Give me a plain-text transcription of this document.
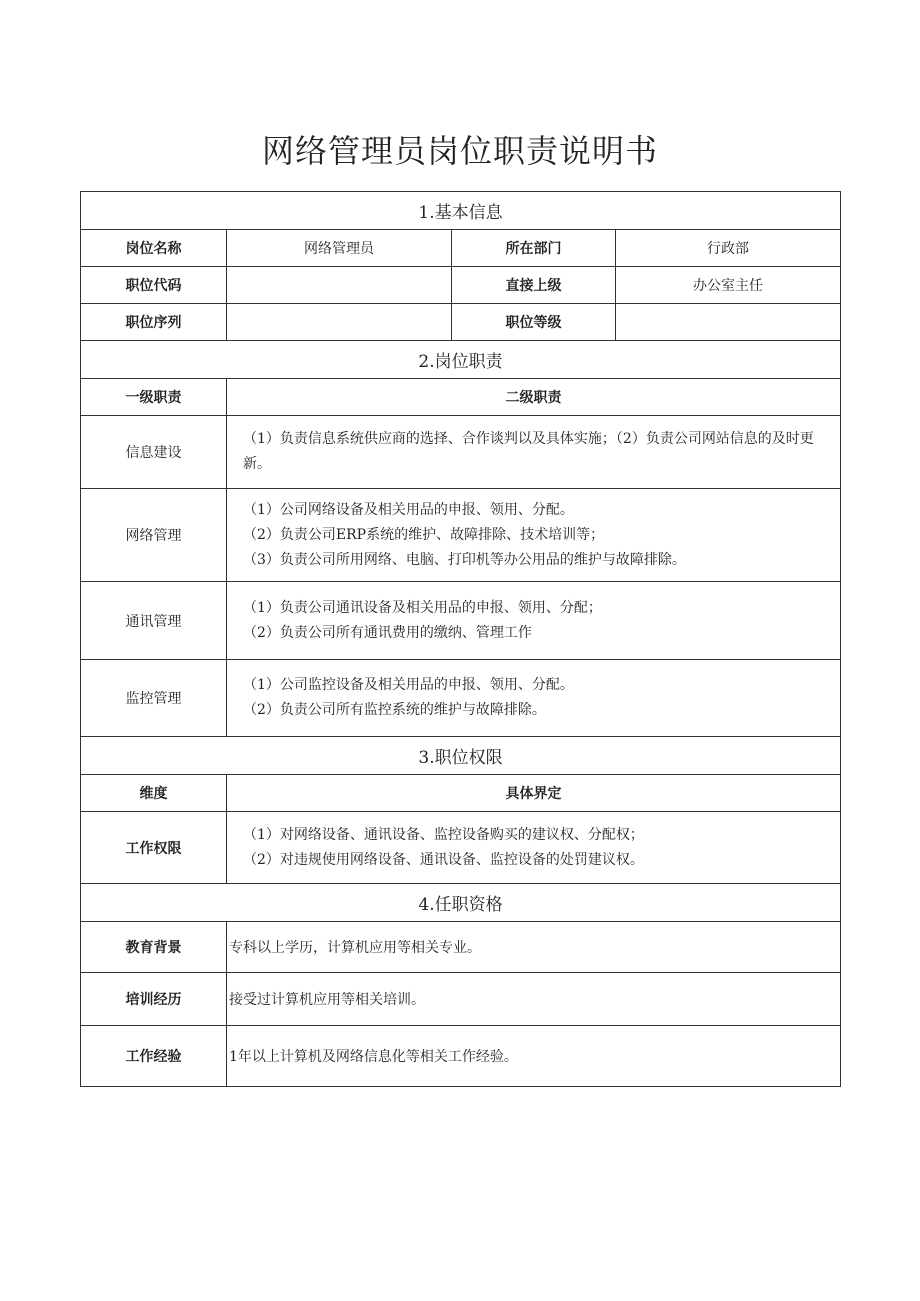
网络管理员岗位职责说明书
1.基本信息			
岗位名称	网络管理员	所在部门	行政部
职位代码		直接上级	办公室主任
职位序列		职位等级	
2.岗位职责			
一级职责	二级职责		
信息建设	（1）负责信息系统供应商的选择、合作谈判以及具体实施；（2）负责公司网站信息的及时更新。		

网络管理	（1）公司网络设备及相关用品的申报、领用、分配。
（2）负责公司ERP系统的维护、故障排除、技术培训等；
（3）负责公司所用网络、电脑、打印机等办公用品的维护与故障排除。		

通讯管理	（1）负责公司通讯设备及相关用品的申报、领用、分配；
（2）负责公司所有通讯费用的缴纳、管理工作		

监控管理	（1）公司监控设备及相关用品的申报、领用、分配。
（2）负责公司所有监控系统的维护与故障排除。		

3.职位权限			
维度	具体界定		
工作权限	（1）对网络设备、通讯设备、监控设备购买的建议权、分配权；
（2）对违规使用网络设备、通讯设备、监控设备的处罚建议权。		

4.任职资格			
教育背景	专科以上学历，计算机应用等相关专业。		
培训经历	接受过计算机应用等相关培训。		
工作经验	1年以上计算机及网络信息化等相关工作经验。		
